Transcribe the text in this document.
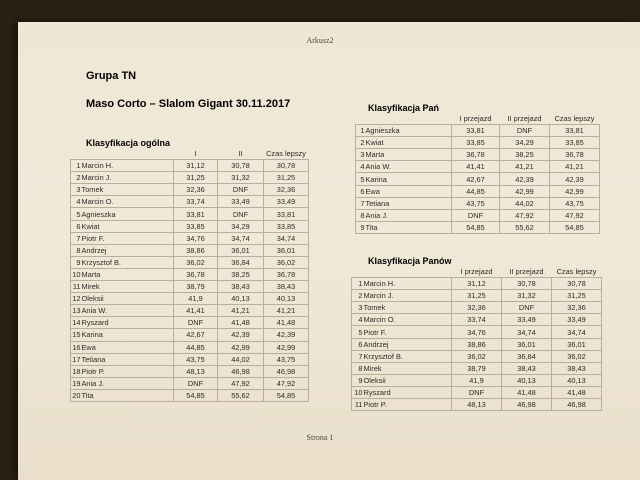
Arkusz2
Grupa TN
Maso Corto – Slalom Gigant 30.11.2017
Klasyfikacja ogólna
		I	II	Czas lepszy
1	Marcin H.	31,12	30,78	30,78
2	Marcin J.	31,25	31,32	31,25
3	Tomek	32,36	DNF	32,36
4	Marcin O.	33,74	33,49	33,49
5	Agnieszka	33,81	DNF	33,81
6	Kwiat	33,85	34,29	33,85
7	Piotr F.	34,76	34,74	34,74
8	Andrzej	38,86	36,01	36,01
9	Krzysztof B.	36,02	36,84	36,02
10	Marta	36,78	38,25	36,78
11	Mirek	38,79	38,43	38,43
12	Oleksii	41,9	40,13	40,13
13	Ania W.	41,41	41,21	41,21
14	Ryszard	DNF	41,48	41,48
15	Karina	42,67	42,39	42,39
16	Ewa	44,85	42,99	42,99
17	Tetiana	43,75	44,02	43,75
18	Piotr P.	48,13	46,98	46,98
19	Ania J.	DNF	47,92	47,92
20	Tita	54,85	55,62	54,85
Klasyfikacja Pań
		I przejazd	II przejazd	Czas lepszy
1	Agnieszka	33,81	DNF	33,81
2	Kwiat	33,85	34,29	33,85
3	Marta	36,78	38,25	36,78
4	Ania W.	41,41	41,21	41,21
5	Karina	42,67	42,39	42,39
6	Ewa	44,85	42,99	42,99
7	Tetiana	43,75	44,02	43,75
8	Ania J.	DNF	47,92	47,92
9	Tita	54,85	55,62	54,85
Klasyfikacja Panów
		I przejazd	II przejazd	Czas lepszy
1	Marcin H.	31,12	30,78	30,78
2	Marcin J.	31,25	31,32	31,25
3	Tomek	32,36	DNF	32,36
4	Marcin O.	33,74	33,49	33,49
5	Piotr F.	34,76	34,74	34,74
6	Andrzej	38,86	36,01	36,01
7	Krzysztof B.	36,02	36,84	36,02
8	Mirek	38,79	38,43	38,43
9	Oleksii	41,9	40,13	40,13
10	Ryszard	DNF	41,48	41,48
11	Piotr P.	48,13	46,98	46,98
Strona 1
